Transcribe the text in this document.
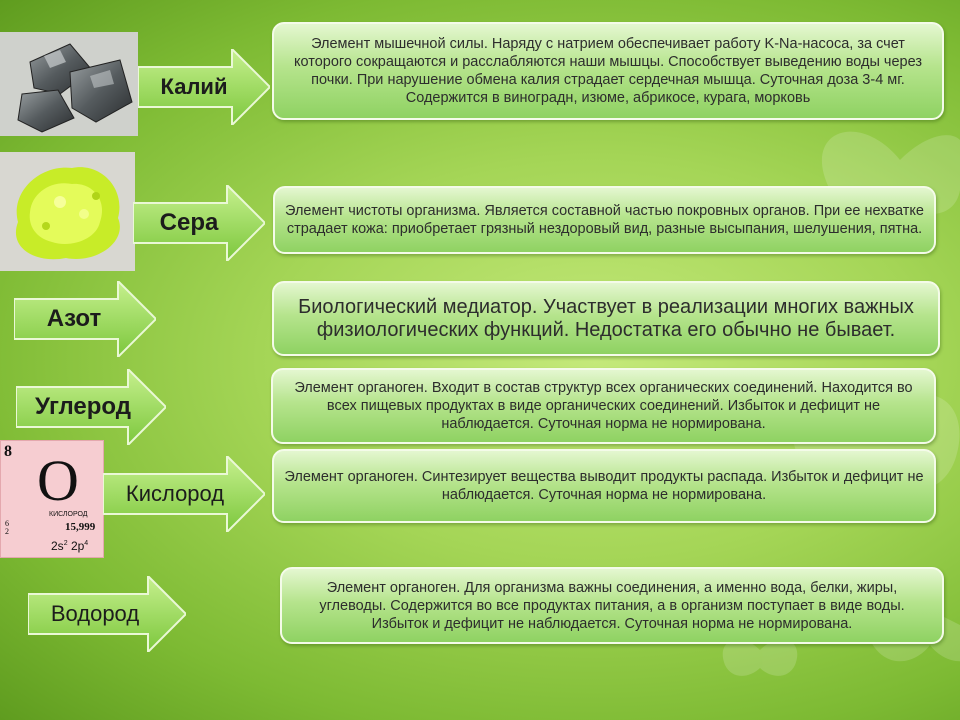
8 O
КИСЛОРОД
15,999
6
2
$2s^2$ $2p^4$
Калий
Элемент мышечной силы. Наряду с натрием обеспечивает работу K-Na-насоса, за счет которого сокращаются и расслабляются наши мышцы. Способствует выведению воды через почки. При нарушение обмена калия страдает сердечная мышца. Суточная доза 3-4 мг. Содержится в виноградн, изюме, абрикосе, курага, морковь
Сера	Элемент чистоты организма. Является составной частью покровных органов. При ее нехватке страдает кожа: приобретает грязный нездоровый вид, разные высыпания, шелушения, пятна.
Азот	Биологический медиатор. Участвует в реализации многих важных физиологических функций. Недостатка его обычно не бывает.
Углерод
Элемент органоген. Входит в состав структур всех органических соединений. Находится во всех пищевых продуктах в виде органических соединений. Избыток и дефицит не наблюдается. Суточная норма не нормирована.
Кислород
Элемент органоген. Синтезирует вещества выводит продукты распада. Избыток и дефицит не наблюдается. Суточная норма не нормирована.
Водород
Элемент органоген. Для организма важны соединения, а именно вода, белки, жиры, углеводы. Содержится во все продуктах питания, а в организм поступает в виде воды. Избыток и дефицит не наблюдается. Суточная норма не нормирована.
